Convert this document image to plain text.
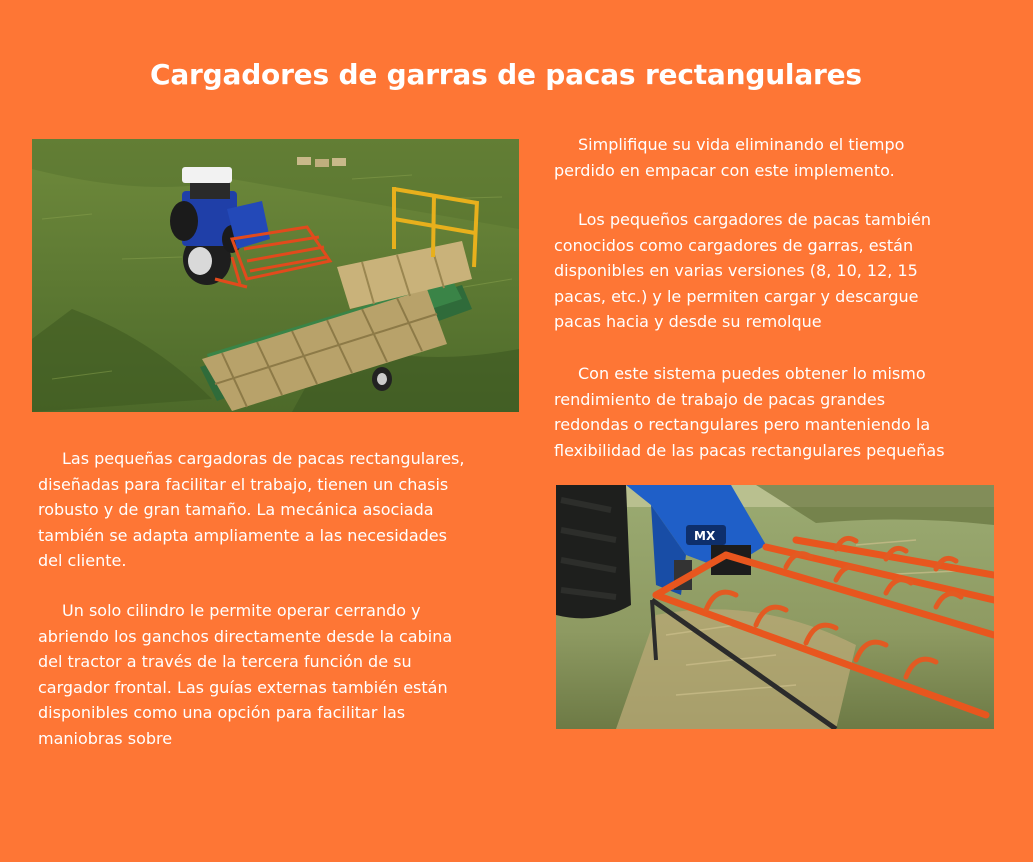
Cargadores de garras de pacas rectangulares
MX
Simplifique su vida eliminando el tiempo
perdido en empacar con este implemento.
Los pequeños cargadores de pacas también
conocidos como cargadores de garras, están
disponibles en varias versiones (8, 10, 12, 15
pacas, etc.) y le permiten cargar y descargue
pacas hacia y desde su remolque
Con este sistema puedes obtener lo mismo
rendimiento de trabajo de pacas grandes
redondas o rectangulares pero manteniendo la
flexibilidad de las pacas rectangulares pequeñas
Las pequeñas cargadoras de pacas rectangulares,
diseñadas para facilitar el trabajo, tienen un chasis
robusto y de gran tamaño. La mecánica asociada
también se adapta ampliamente a las necesidades
del cliente.
Un solo cilindro le permite operar cerrando y
abriendo los ganchos directamente desde la cabina
del tractor a través de la tercera función de su
cargador frontal. Las guías externas también están
disponibles como una opción para facilitar las
maniobras sobre
